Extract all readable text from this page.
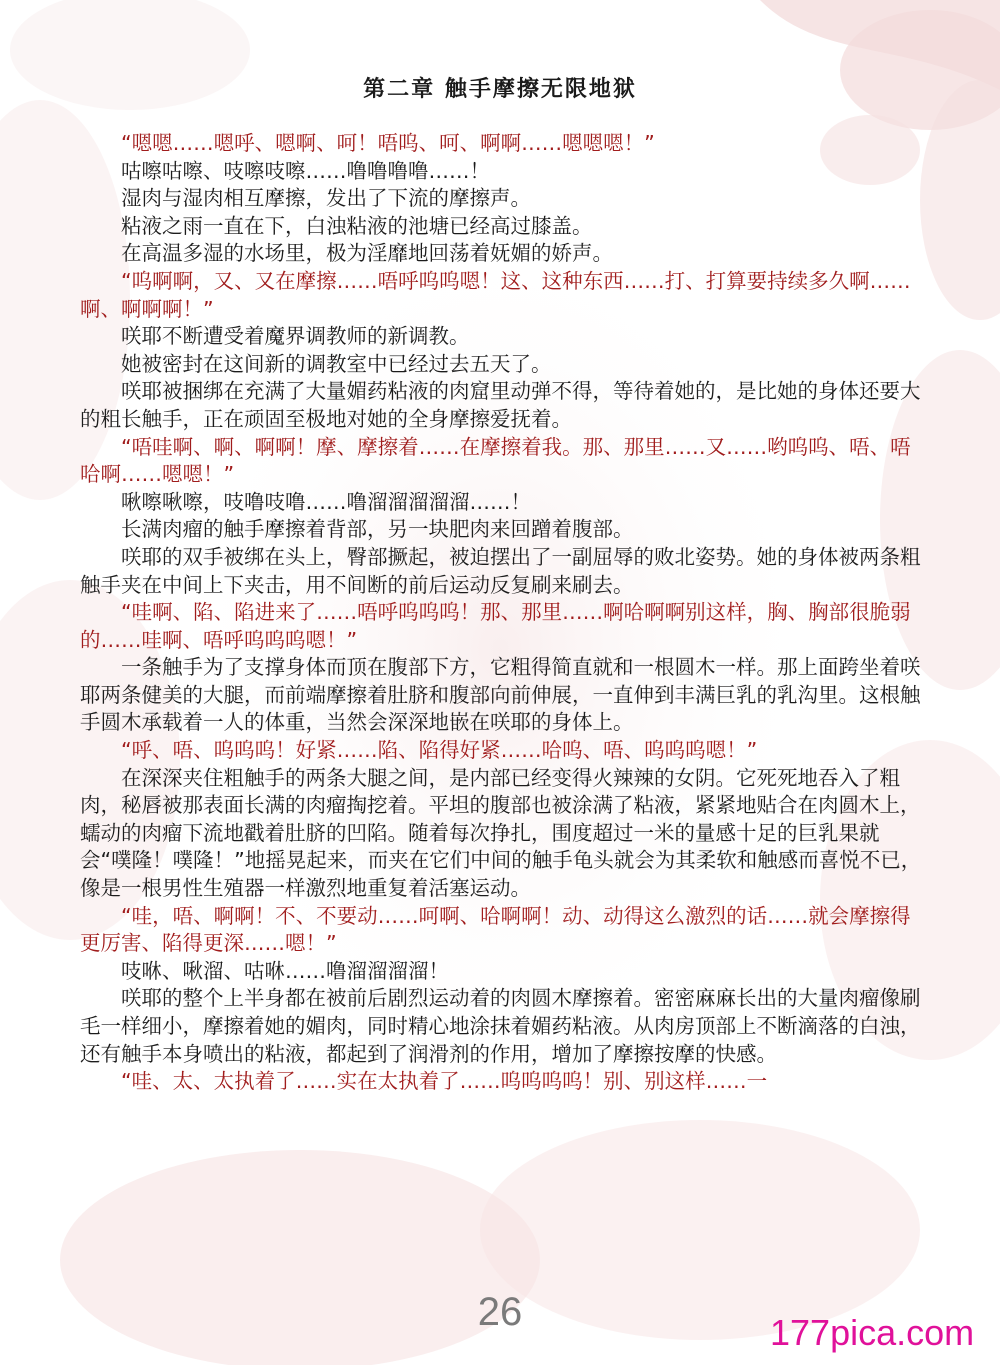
第二章 触手摩擦无限地狱

“嗯嗯……嗯呼、嗯啊、呵！唔呜、呵、啊啊……嗯嗯嗯！”

咕嚓咕嚓、吱嚓吱嚓……噜噜噜噜……！

湿肉与湿肉相互摩擦，发出了下流的摩擦声。

粘液之雨一直在下，白浊粘液的池塘已经高过膝盖。

在高温多湿的水场里，极为淫靡地回荡着妩媚的娇声。

“呜啊啊，又、又在摩擦……唔呼呜呜嗯！这、这种东西……打、打算要持续多久啊……啊、啊啊啊！”

咲耶不断遭受着魔界调教师的新调教。

她被密封在这间新的调教室中已经过去五天了。

咲耶被捆绑在充满了大量媚药粘液的肉窟里动弹不得，等待着她的，是比她的身体还要大的粗长触手，正在顽固至极地对她的全身摩擦爱抚着。

“唔哇啊、啊、啊啊！摩、摩擦着……在摩擦着我。那、那里……又……哟呜呜、唔、唔哈啊……嗯嗯！”

啾嚓啾嚓，吱噜吱噜……噜溜溜溜溜溜……！

长满肉瘤的触手摩擦着背部，另一块肥肉来回蹭着腹部。

咲耶的双手被绑在头上，臀部撅起，被迫摆出了一副屈辱的败北姿势。她的身体被两条粗触手夹在中间上下夹击，用不间断的前后运动反复刷来刷去。

“哇啊、陷、陷进来了……唔呼呜呜呜！那、那里……啊哈啊啊别这样，胸、胸部很脆弱的……哇啊、唔呼呜呜呜嗯！”

一条触手为了支撑身体而顶在腹部下方，它粗得简直就和一根圆木一样。那上面跨坐着咲耶两条健美的大腿，而前端摩擦着肚脐和腹部向前伸展，一直伸到丰满巨乳的乳沟里。这根触手圆木承载着一人的体重，当然会深深地嵌在咲耶的身体上。

“呼、唔、呜呜呜！好紧……陷、陷得好紧……哈呜、唔、呜呜呜嗯！”

在深深夹住粗触手的两条大腿之间，是内部已经变得火辣辣的女阴。它死死地吞入了粗肉，秘唇被那表面长满的肉瘤掏挖着。平坦的腹部也被涂满了粘液，紧紧地贴合在肉圆木上，蠕动的肉瘤下流地戳着肚脐的凹陷。随着每次挣扎，围度超过一米的量感十足的巨乳果就会“噗隆！噗隆！”地摇晃起来，而夹在它们中间的触手龟头就会为其柔软和触感而喜悦不已，像是一根男性生殖器一样激烈地重复着活塞运动。

“哇，唔、啊啊！不、不要动……呵啊、哈啊啊！动、动得这么激烈的话……就会摩擦得更厉害、陷得更深……嗯！”

吱咻、啾溜、咕咻……噜溜溜溜溜！

咲耶的整个上半身都在被前后剧烈运动着的肉圆木摩擦着。密密麻麻长出的大量肉瘤像刷毛一样细小，摩擦着她的媚肉，同时精心地涂抹着媚药粘液。从肉房顶部上不断滴落的白浊，还有触手本身喷出的粘液，都起到了润滑剂的作用，增加了摩擦按摩的快感。

“哇、太、太执着了……实在太执着了……呜呜呜呜！别、别这样……一

26	177pica.com
